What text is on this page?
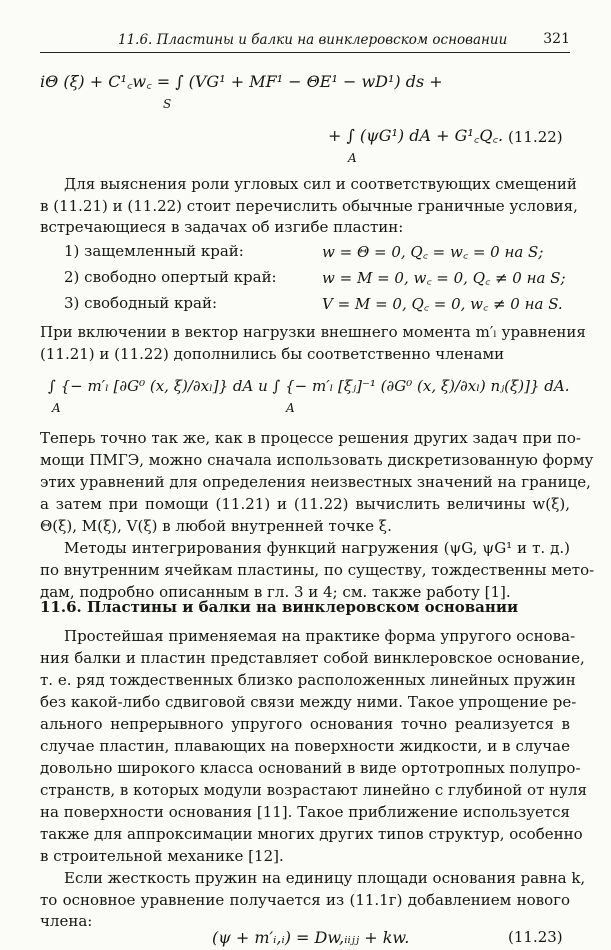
11.6. Пластины и балки на винклеровском основании	321
iΘ (ξ) + C¹꜀w꜀ = ∫ (VG¹ + MF¹ − ΘE¹ − wD¹) ds +
S
+ ∫ (ψG¹) dA + G¹꜀Q꜀.
A
(11.22)
Для выяснения роли угловых сил и соответствующих смещений
в (11.21) и (11.22) стоит перечислить обычные граничные условия,
встречающиеся в задачах об изгибе пластин:
1) защемленный край:	w = Θ = 0, Q꜀ = w꜀ = 0 на S;
2) свободно опертый край:	w = M = 0, w꜀ = 0, Q꜀ ≠ 0 на S;
3) свободный край:	V = M = 0, Q꜀ = 0, w꜀ ≠ 0 на S.
При включении в вектор нагрузки внешнего момента m′ₗ уравнения
(11.21) и (11.22) дополнились бы соответственно членами
∫ {− m′ₗ [∂G⁰ (x, ξ)/∂xₗ]} dA и ∫ {− m′ₗ [ξⱼ]⁻¹ (∂G⁰ (x, ξ)/∂xₗ) nⱼ(ξ)]} dA.
A	A
Теперь точно так же, как в процессе решения других задач при по-
мощи ПМГЭ, можно сначала использовать дискретизованную форму
этих уравнений для определения неизвестных значений на границе,
а затем при помощи (11.21) и (11.22) вычислить величины w(ξ),
Θ(ξ), M(ξ), V(ξ) в любой внутренней точке ξ.
Методы интегрирования функций нагружения (ψG, ψG¹ и т. д.)
по внутренним ячейкам пластины, по существу, тождественны мето-
дам, подробно описанным в гл. 3 и 4; см. также работу [1].
11.6. Пластины и балки на винклеровском основании
Простейшая применяемая на практике форма упругого основа-
ния балки и пластин представляет собой винклеровское основание,
т. е. ряд тождественных близко расположенных линейных пружин
без какой-либо сдвиговой связи между ними. Такое упрощение ре-
ального непрерывного упругого основания точно реализуется в
случае пластин, плавающих на поверхности жидкости, и в случае
довольно широкого класса оснований в виде ортотропных полупро-
странств, в которых модули возрастают линейно с глубиной от нуля
на поверхности основания [11]. Такое приближение используется
также для аппроксимации многих других типов структур, особенно
в строительной механике [12].
Если жесткость пружин на единицу площади основания равна k,
то основное уравнение получается из (11.1г) добавлением нового
члена:
(ψ + m′ᵢ,ᵢ) = Dw,ᵢᵢⱼⱼ + kw.	(11.23)
